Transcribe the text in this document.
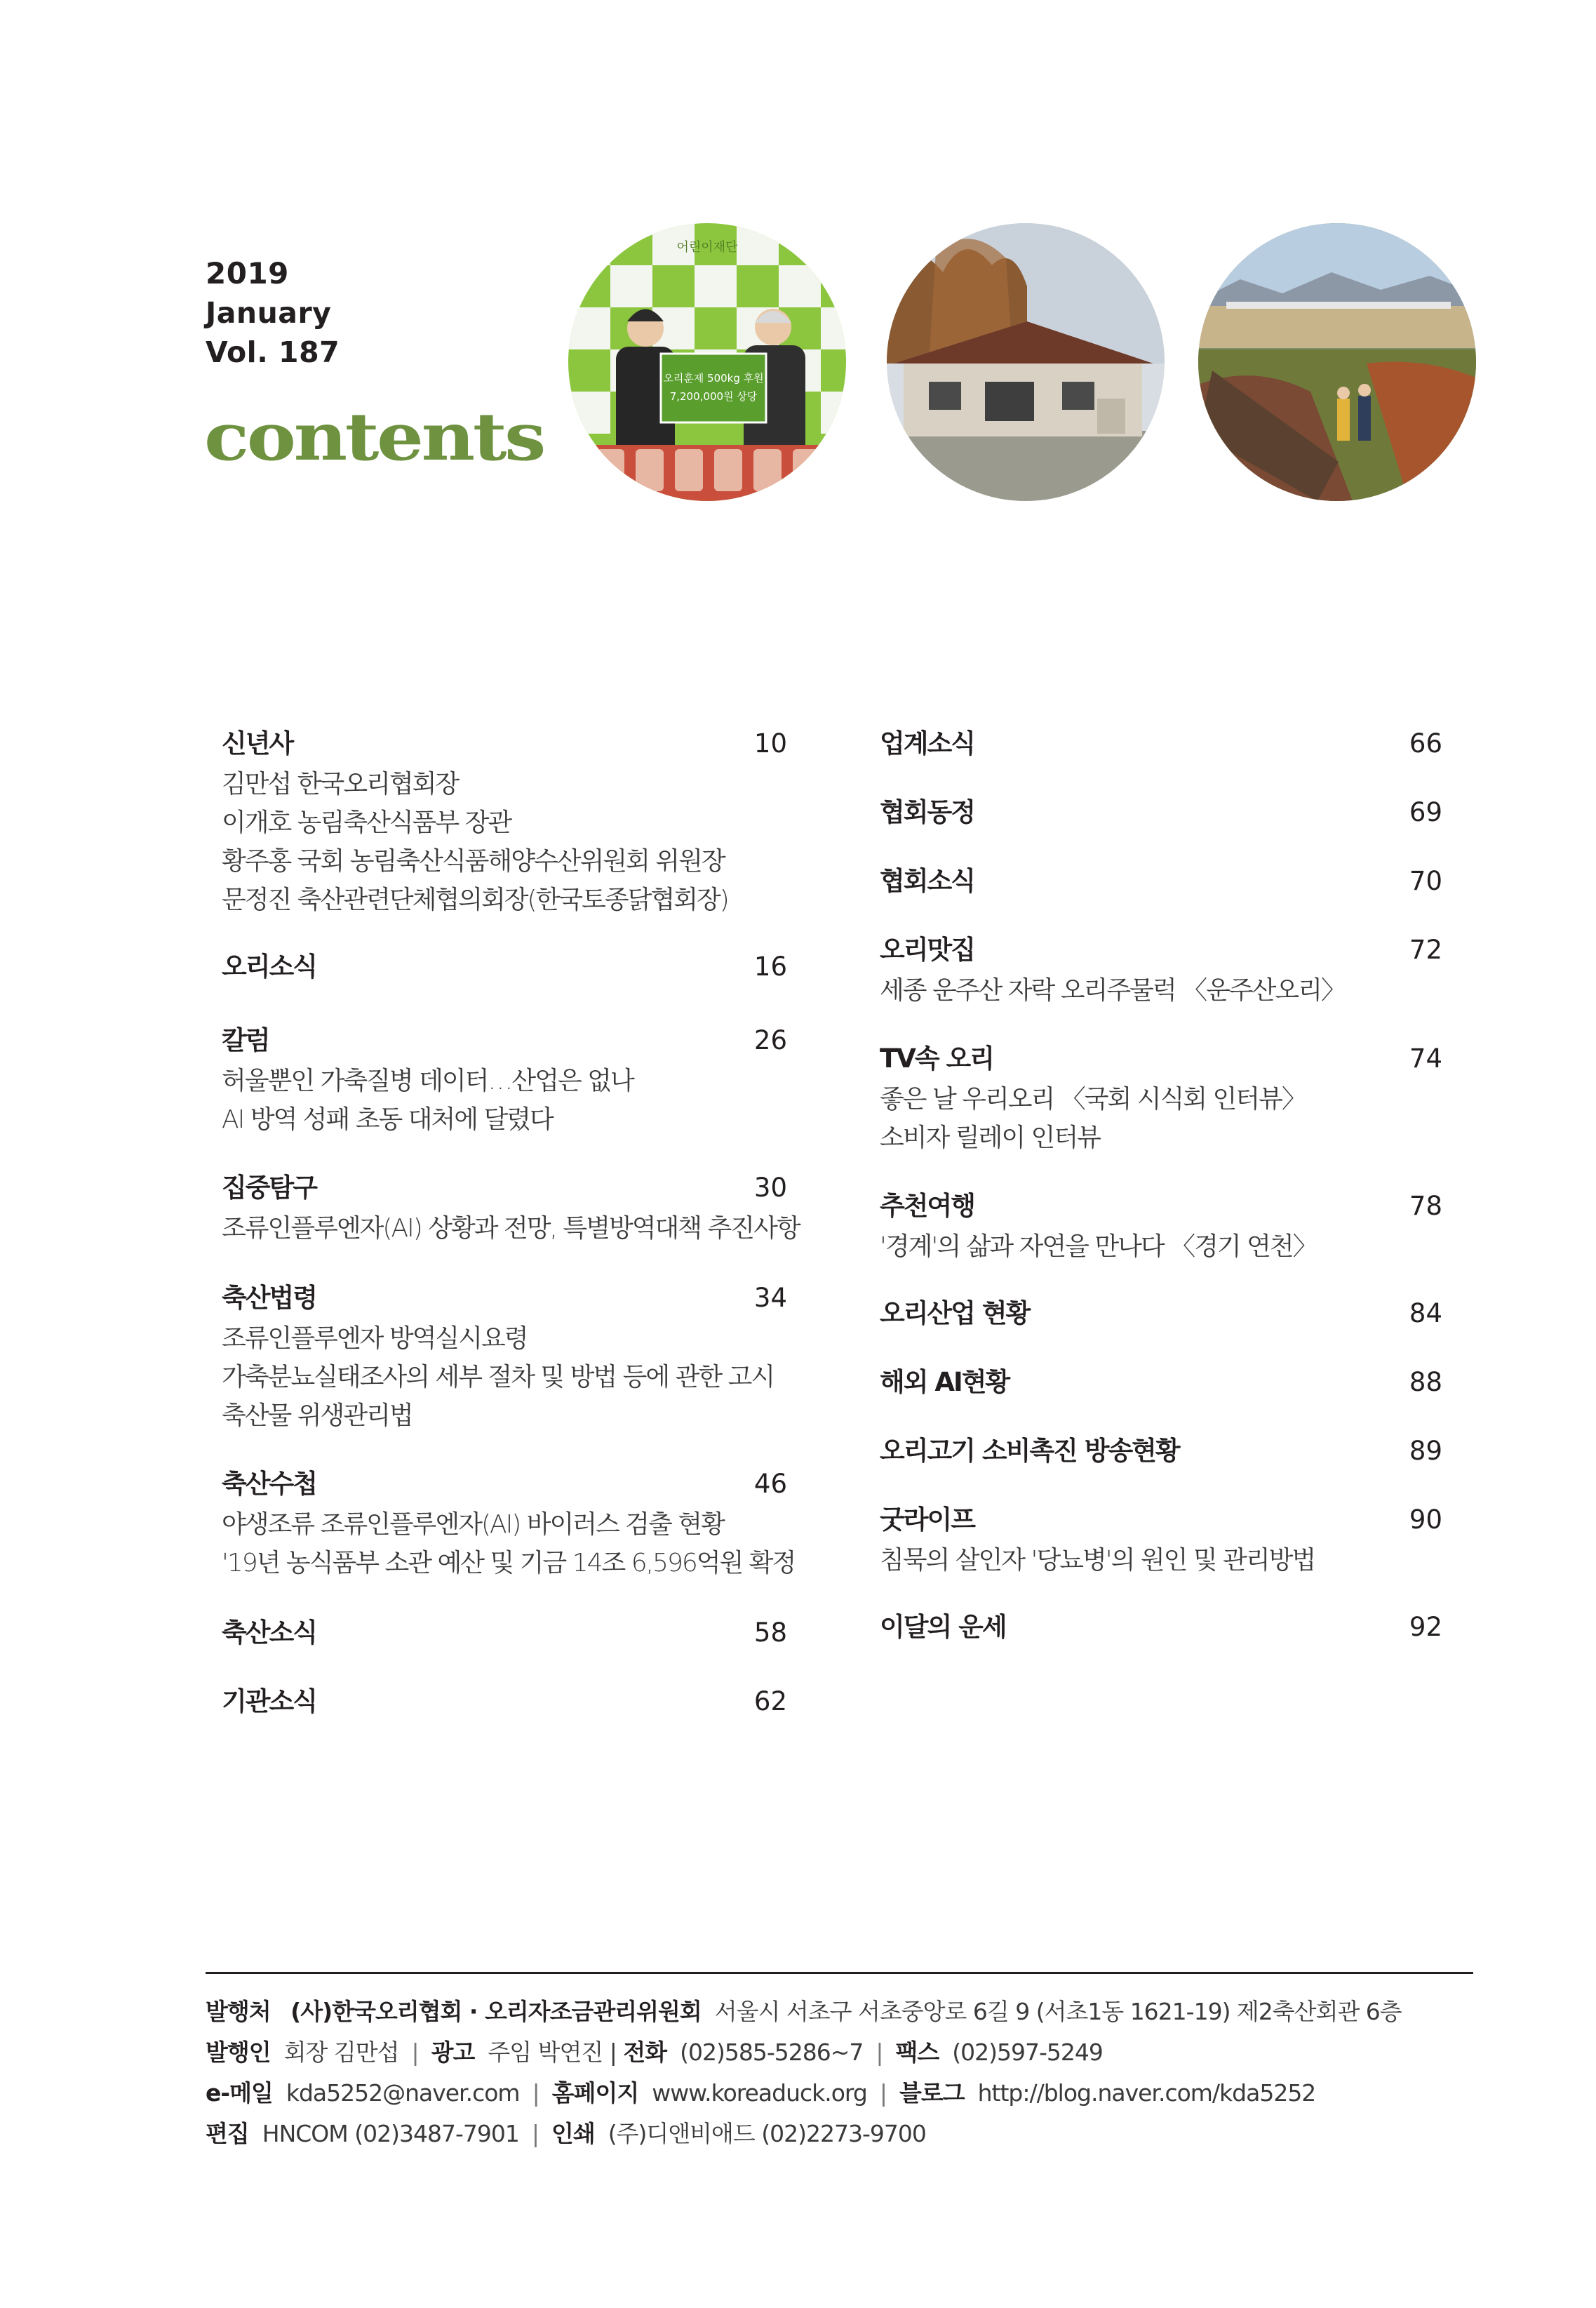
2019
January
Vol. 187
contents
어린이재단
오리훈제 500kg 후원
7,200,000원 상당
신년사	10
김만섭 한국오리협회장
이개호 농림축산식품부 장관
황주홍 국회 농림축산식품해양수산위원회 위원장
문정진 축산관련단체협의회장(한국토종닭협회장)
오리소식	16
칼럼	26
허울뿐인 가축질병 데이터…산업은 없나
AI 방역 성패 초동 대처에 달렸다
집중탐구	30
조류인플루엔자(AI) 상황과 전망, 특별방역대책 추진사항
축산법령	34
조류인플루엔자 방역실시요령
가축분뇨실태조사의 세부 절차 및 방법 등에 관한 고시
축산물 위생관리법
축산수첩	46
야생조류 조류인플루엔자(AI) 바이러스 검출 현황
'19년 농식품부 소관 예산 및 기금 14조 6,596억원 확정
축산소식	58
기관소식	62
업계소식	66
협회동정	69
협회소식	70
오리맛집	72
세종 운주산 자락 오리주물럭 〈운주산오리〉
TV속 오리	74
좋은 날 우리오리 〈국회 시식회 인터뷰〉
소비자 릴레이 인터뷰
추천여행	78
'경계'의 삶과 자연을 만나다 〈경기 연천〉
오리산업 현황	84
해외 AI현황	88
오리고기 소비촉진 방송현황	89
굿라이프	90
침묵의 살인자 '당뇨병'의 원인 및 관리방법
이달의 운세	92
발행처 (사)한국오리협회 · 오리자조금관리위원회 서울시 서초구 서초중앙로 6길 9 (서초1동 1621-19) 제2축산회관 6층
발행인 회장 김만섭 | 광고 주임 박연진 | 전화 (02)585-5286~7 | 팩스 (02)597-5249
e-메일 kda5252@naver.com | 홈페이지 www.koreaduck.org | 블로그 http://blog.naver.com/kda5252
편집 HNCOM (02)3487-7901 | 인쇄 (주)디앤비애드 (02)2273-9700
